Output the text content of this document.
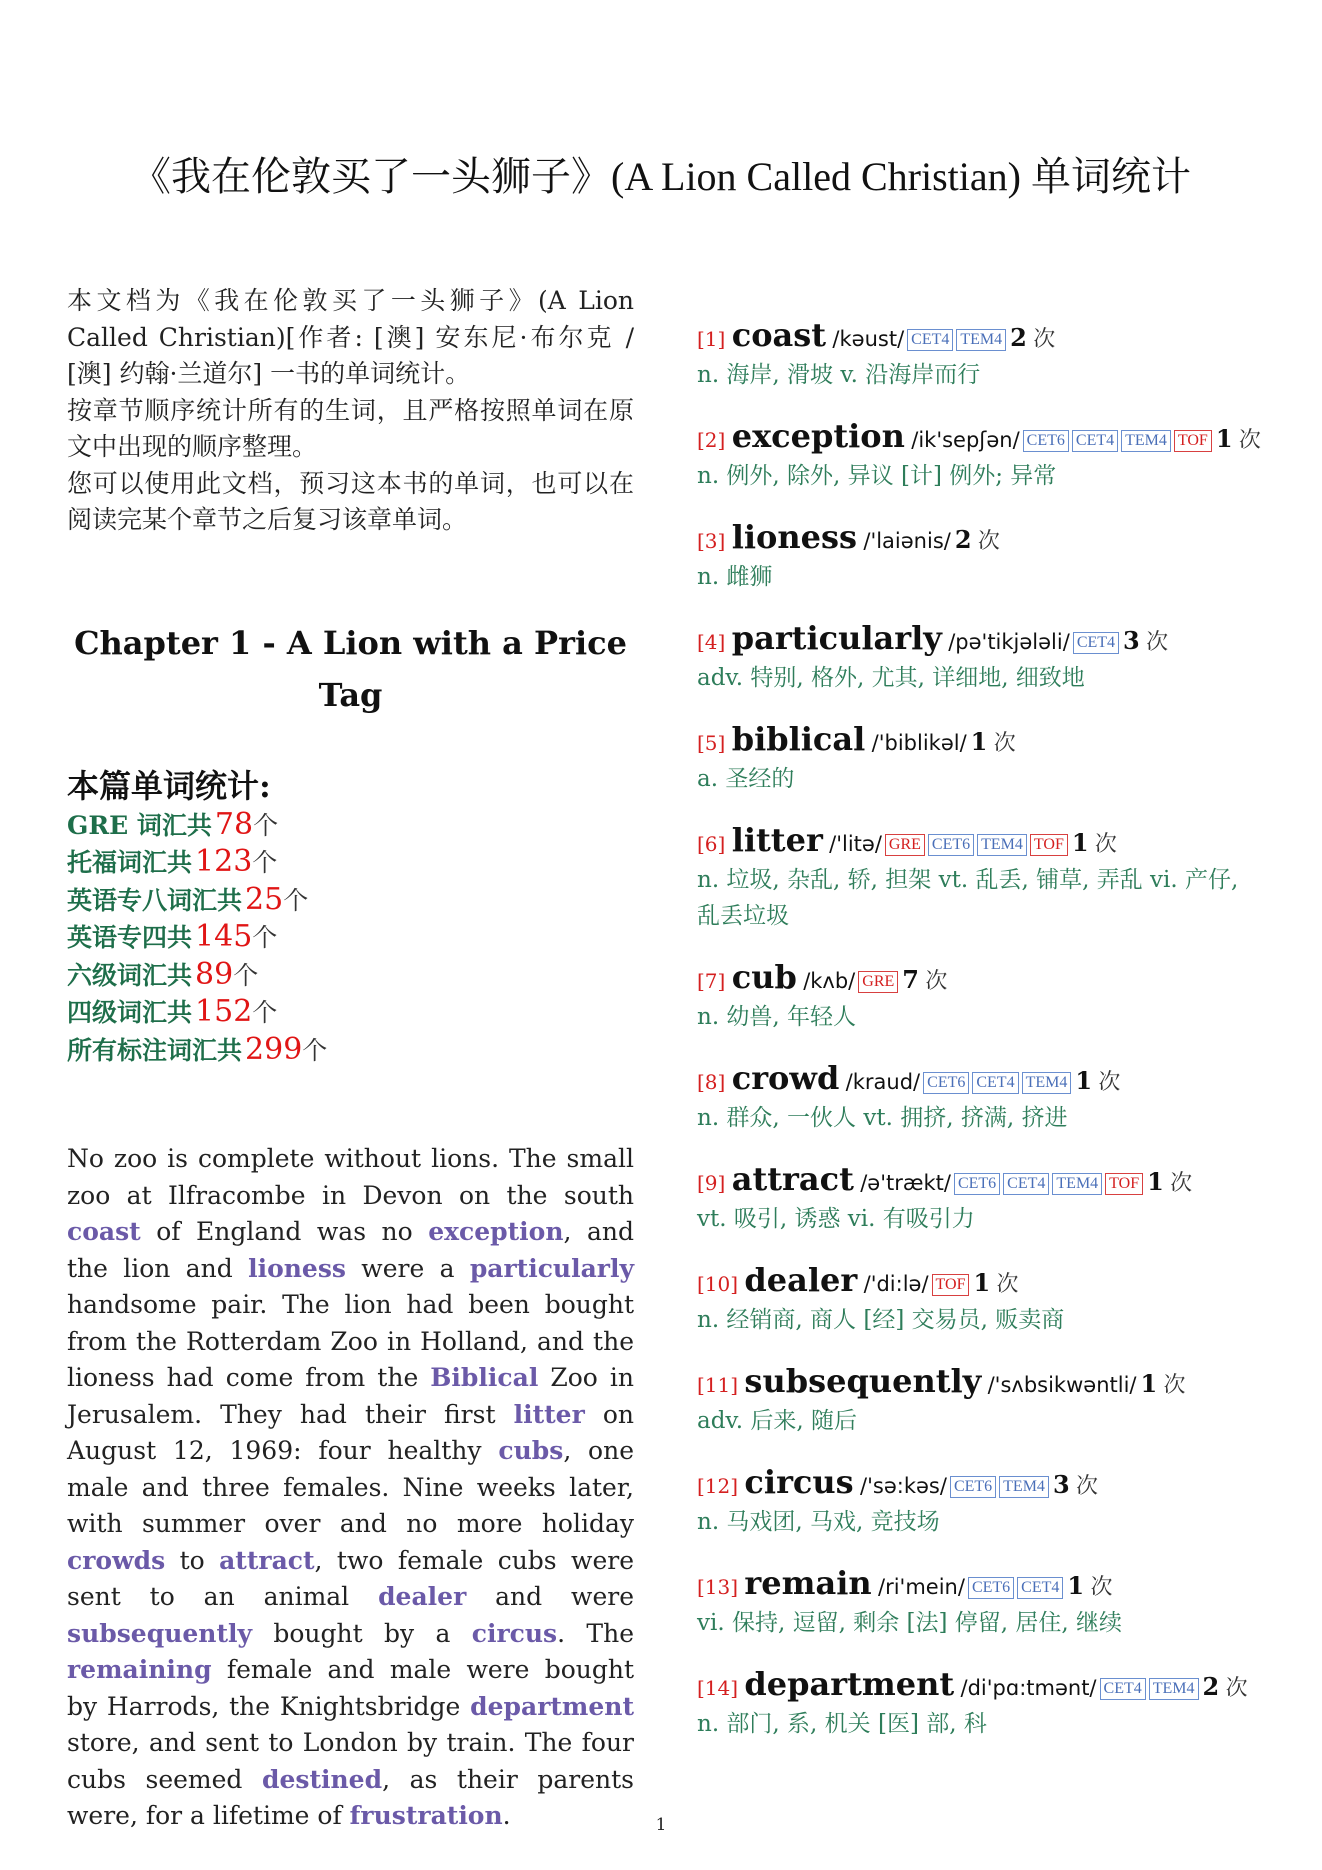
《我在伦敦买了一头狮子》(A Lion Called Christian) 单词统计

本文档为《我在伦敦买了一头狮子》(A Lion Called Christian)[作者: [澳] 安东尼·布尔克 / [澳] 约翰·兰道尔] 一书的单词统计。

按章节顺序统计所有的生词，且严格按照单词在原文中出现的顺序整理。

您可以使用此文档，预习这本书的单词，也可以在阅读完某个章节之后复习该章单词。

Chapter 1 - A Lion with a Price Tag
本篇单词统计:
GRE 词汇共 78个
托福词汇共 123个
英语专八词汇共 25个
英语专四共 145个
六级词汇共 89个
四级词汇共 152个
所有标注词汇共 299个
No zoo is complete without lions. The small zoo at Ilfracombe in Devon on the south coast of England was no exception, and the lion and lioness were a particularly handsome pair. The lion had been bought from the Rotterdam Zoo in Holland, and the lioness had come from the Biblical Zoo in Jerusalem. They had their first litter on August 12, 1969: four healthy cubs, one male and three females. Nine weeks later, with summer over and no more holiday crowds to attract, two female cubs were sent to an animal dealer and were subsequently bought by a circus. The remaining female and male were bought by Harrods, the Knightsbridge department store, and sent to London by train. The four cubs seemed destined, as their parents were, for a lifetime of frustration.
[1] coast /kəust/ CET4 TEM4 2 次
n. 海岸, 滑坡 v. 沿海岸而行
[2] exception /ik'sepʃən/ CET6 CET4 TEM4 TOF 1 次
n. 例外, 除外, 异议 [计] 例外; 异常
[3] lioness /'laiənis/ 2 次
n. 雌狮
[4] particularly /pə'tikjələli/ CET4 3 次
adv. 特别, 格外, 尤其, 详细地, 细致地
[5] biblical /'biblikəl/ 1 次
a. 圣经的
[6] litter /'litə/ GRE CET6 TEM4 TOF 1 次
n. 垃圾, 杂乱, 轿, 担架 vt. 乱丢, 铺草, 弄乱 vi. 产仔, 乱丢垃圾
[7] cub /kʌb/ GRE 7 次
n. 幼兽, 年轻人
[8] crowd /kraud/ CET6 CET4 TEM4 1 次
n. 群众, 一伙人 vt. 拥挤, 挤满, 挤进
[9] attract /ə'trækt/ CET6 CET4 TEM4 TOF 1 次
vt. 吸引, 诱惑 vi. 有吸引力
[10] dealer /'di:lə/ TOF 1 次
n. 经销商, 商人 [经] 交易员, 贩卖商
[11] subsequently /'sʌbsikwəntli/ 1 次
adv. 后来, 随后
[12] circus /'sə:kəs/ CET6 TEM4 3 次
n. 马戏团, 马戏, 竞技场
[13] remain /ri'mein/ CET6 CET4 1 次
vi. 保持, 逗留, 剩余 [法] 停留, 居住, 继续
[14] department /di'pɑ:tmənt/ CET4 TEM4 2 次
n. 部门, 系, 机关 [医] 部, 科
1
